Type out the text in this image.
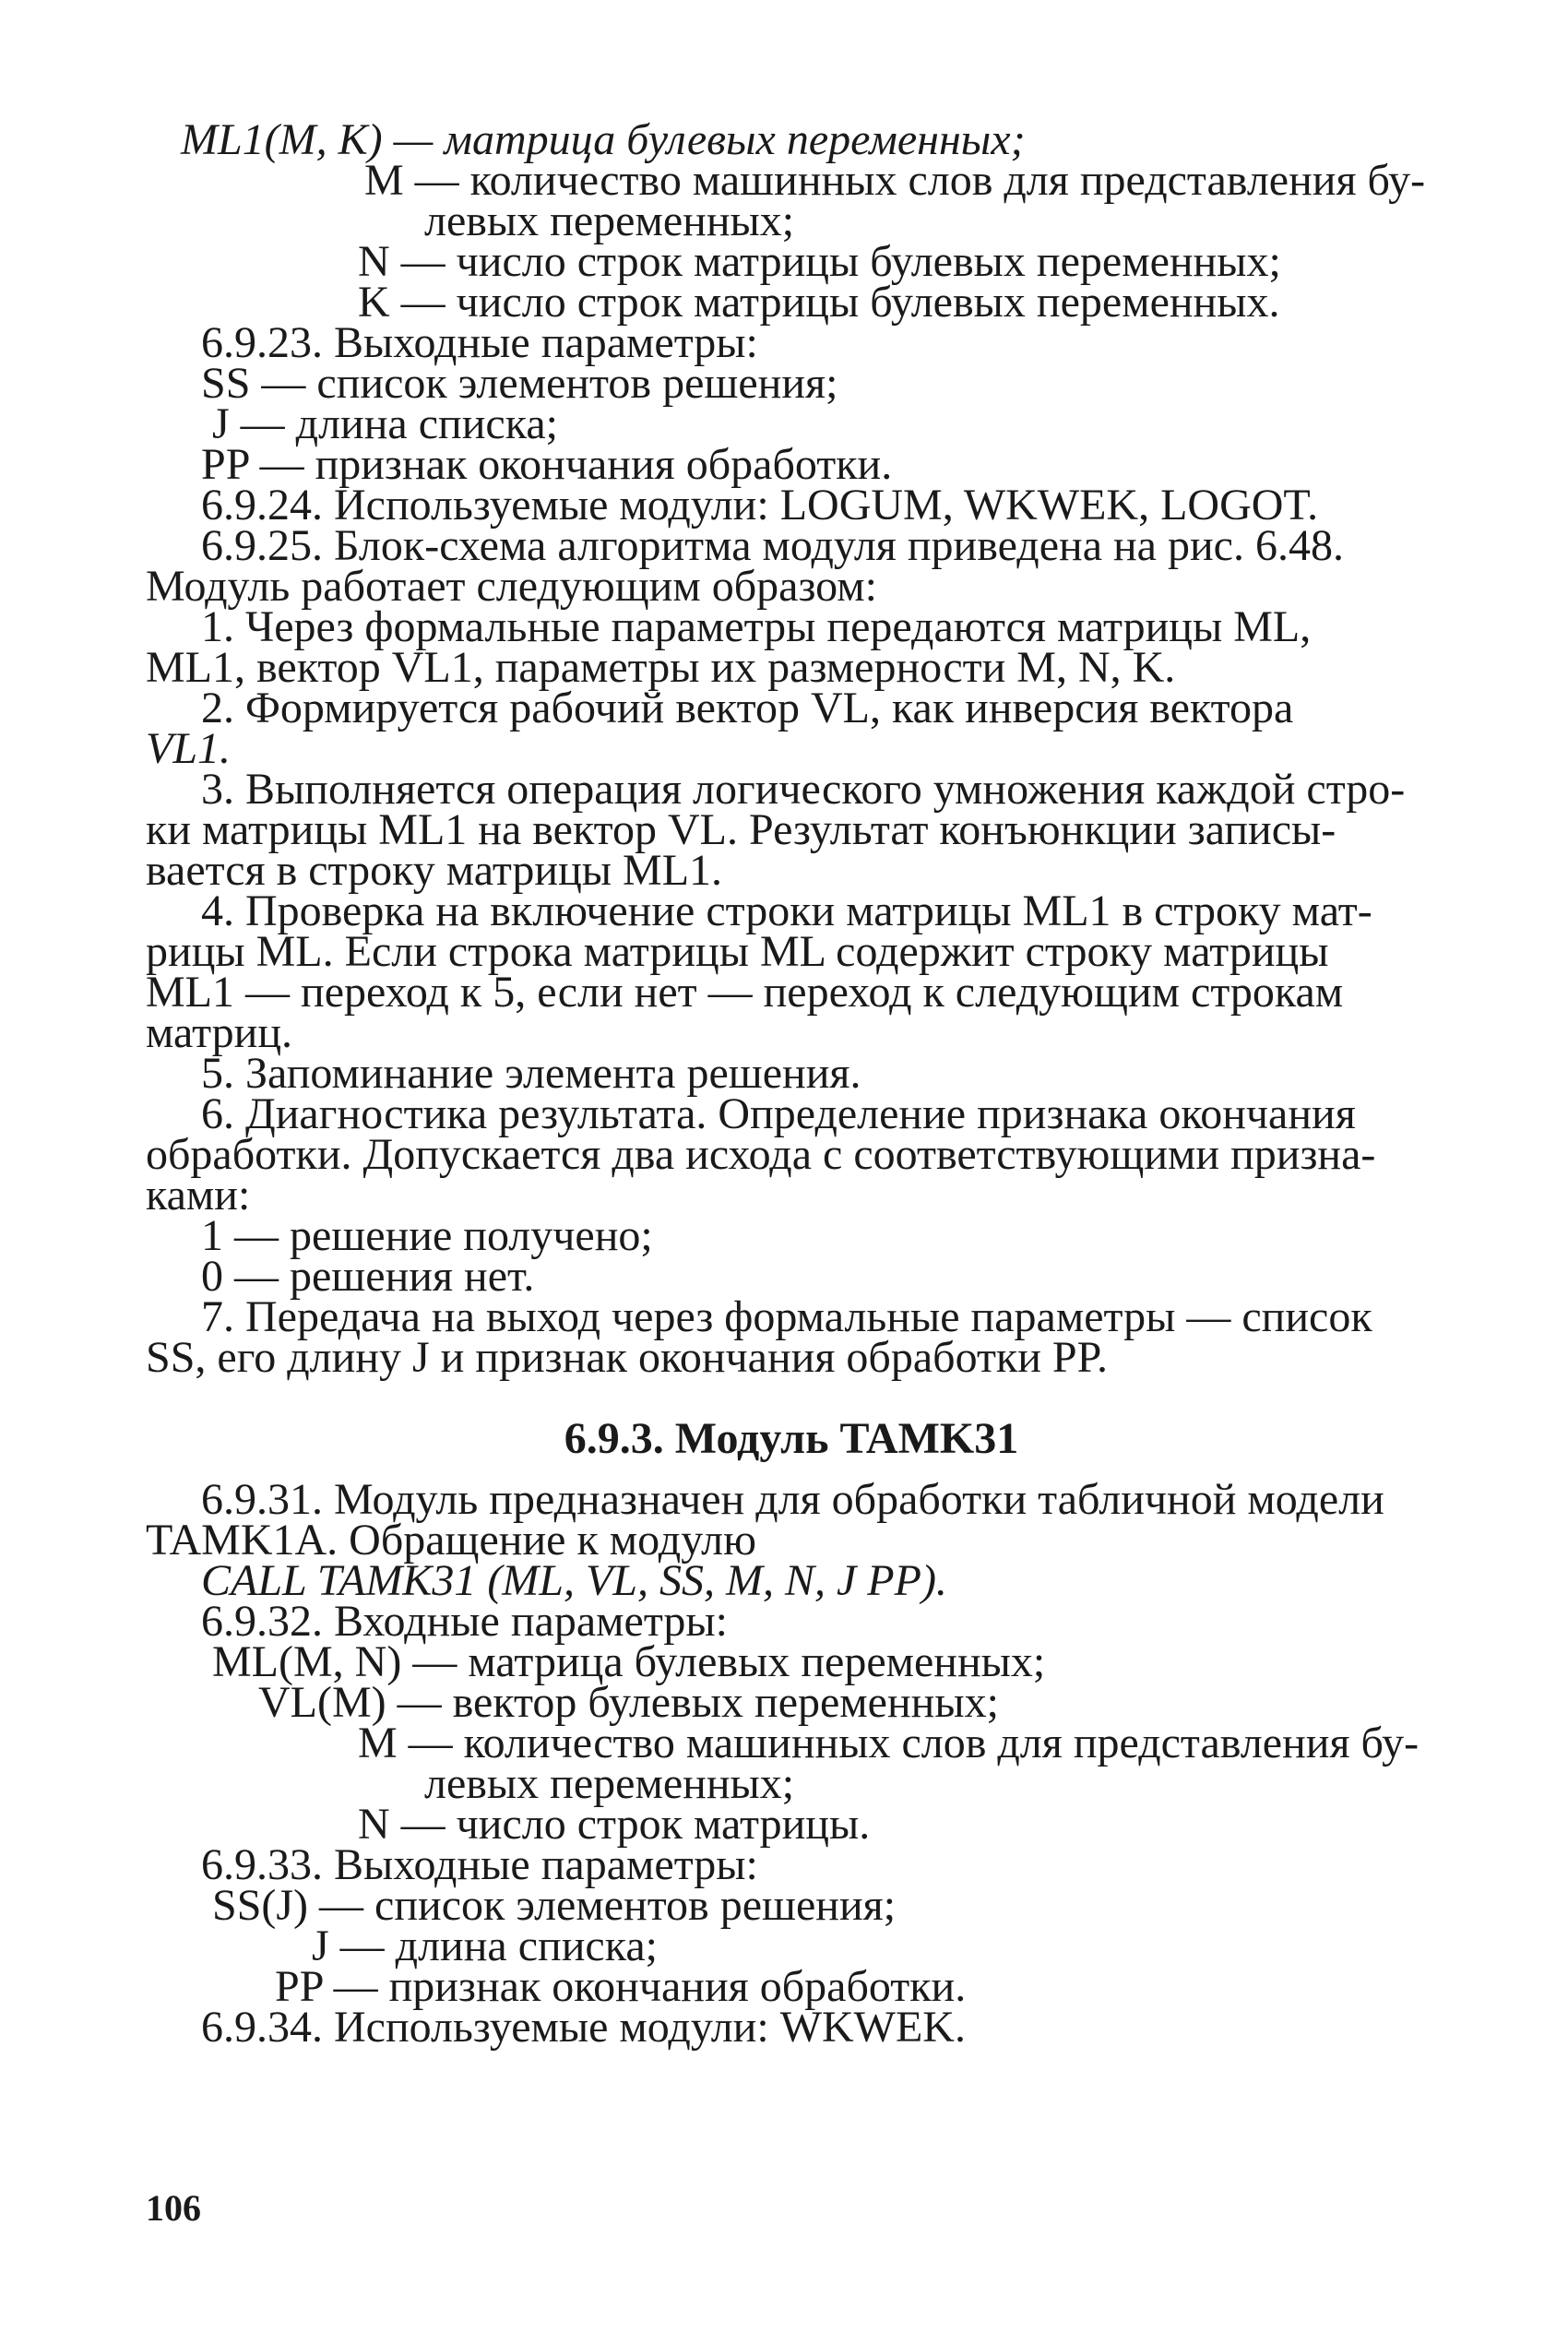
ML1(M, K) — матрица булевых переменных;
M — количество машинных слов для представления бу-
левых переменных;
N — число строк матрицы булевых переменных;
K — число строк матрицы булевых переменных.
6.9.23. Выходные параметры:
SS — список элементов решения;
J — длина списка;
PP — признак окончания обработки.
6.9.24. Используемые модули: LOGUM, WKWEK, LOGOT.
6.9.25. Блок-схема алгоритма модуля приведена на рис. 6.48.
Модуль работает следующим образом:
1. Через формальные параметры передаются матрицы ML,
ML1, вектор VL1, параметры их размерности M, N, K.
2. Формируется рабочий вектор VL, как инверсия вектора
VL1.
3. Выполняется операция логического умножения каждой стро-
ки матрицы ML1 на вектор VL. Результат конъюнкции записы-
вается в строку матрицы ML1.
4. Проверка на включение строки матрицы ML1 в строку мат-
рицы ML. Если строка матрицы ML содержит строку матрицы
ML1 — переход к 5, если нет — переход к следующим строкам
матриц.
5. Запоминание элемента решения.
6. Диагностика результата. Определение признака окончания
обработки. Допускается два исхода с соответствующими призна-
ками:
1 — решение получено;
0 — решения нет.
7. Передача на выход через формальные параметры — список
SS, его длину J и признак окончания обработки PP.
6.9.3. Модуль TAMK31
6.9.31. Модуль предназначен для обработки табличной модели
TAMK1A. Обращение к модулю
CALL TAMK31 (ML, VL, SS, M, N, J PP).
6.9.32. Входные параметры:
ML(M, N) — матрица булевых переменных;
VL(M) — вектор булевых переменных;
M — количество машинных слов для представления бу-
левых переменных;
N — число строк матрицы.
6.9.33. Выходные параметры:
SS(J) — список элементов решения;
J — длина списка;
PP — признак окончания обработки.
6.9.34. Используемые модули: WKWEK.
106
